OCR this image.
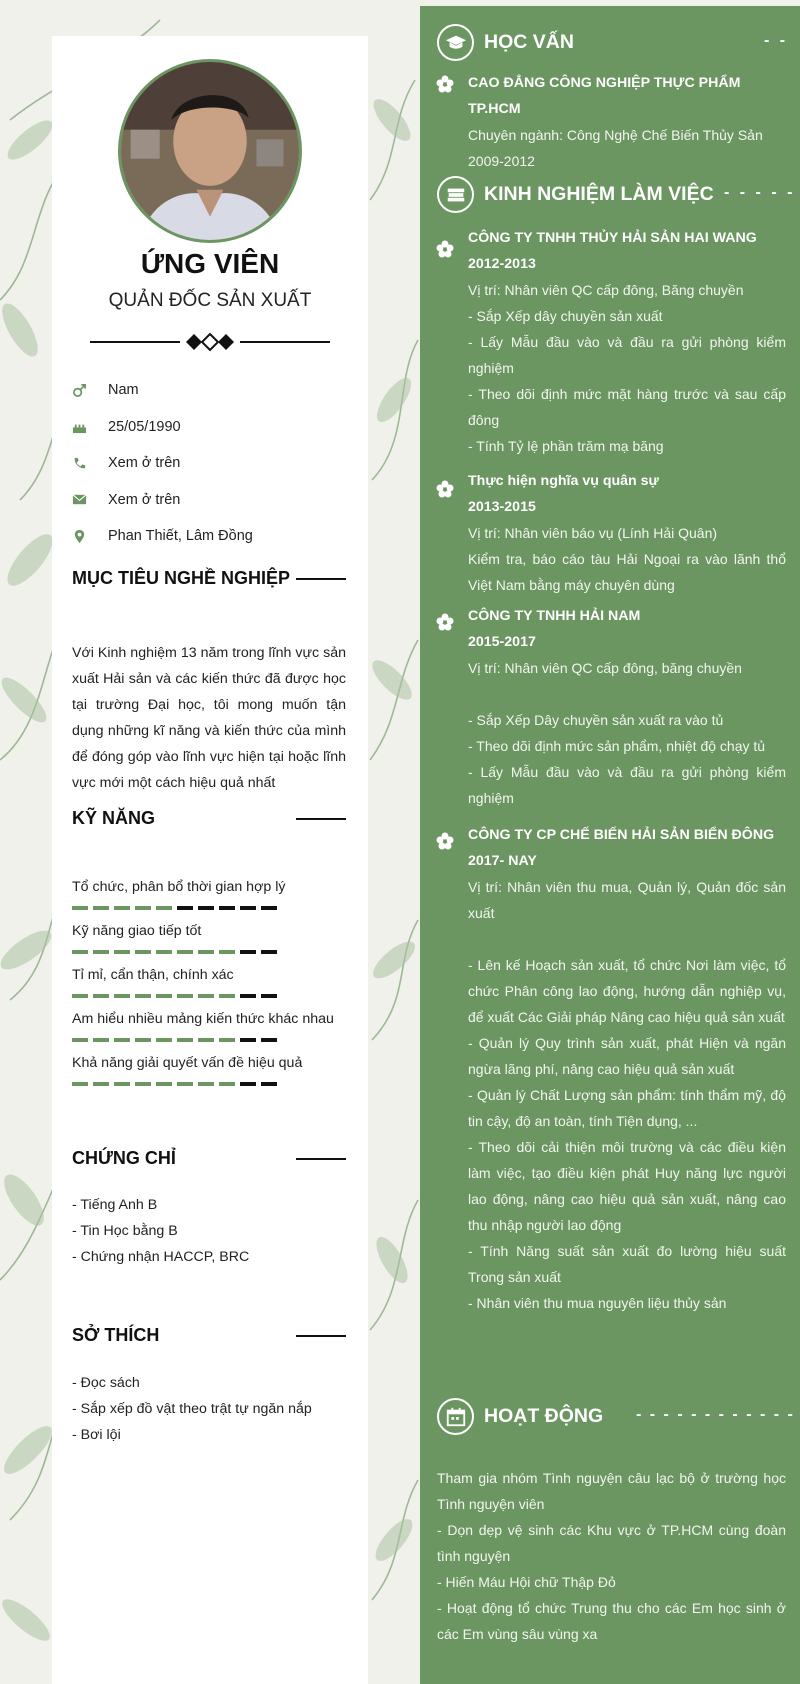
ỨNG VIÊN
QUẢN ĐỐC SẢN XUẤT
Nam
25/05/1990
Xem ở trên
Xem ở trên
Phan Thiết, Lâm Đồng
MỤC TIÊU NGHỀ NGHIỆP
Với Kinh nghiệm 13 năm trong lĩnh vực sản xuất Hải sản và các kiến thức đã được học tại trường Đại học, tôi mong muốn tận dụng những kĩ năng và kiến thức của mình để đóng góp vào lĩnh vực hiện tại hoặc lĩnh vực mới một cách hiệu quả nhất
KỸ NĂNG
Tổ chức, phân bổ thời gian hợp lý
Kỹ năng giao tiếp tốt
Tỉ mỉ, cẩn thận, chính xác
Am hiểu nhiều mảng kiến thức khác nhau
Khả năng giải quyết vấn đề hiệu quả
CHỨNG CHỈ
- Tiếng Anh B
- Tin Học bằng B
- Chứng nhận HACCP, BRC
SỞ THÍCH
- Đọc sách
- Sắp xếp đồ vật theo trật tự ngăn nắp
- Bơi lội
HỌC VẤN	- -
CAO ĐẲNG CÔNG NGHIỆP THỰC PHẨM TP.HCM
Chuyên ngành: Công Nghệ Chế Biến Thủy Sản
2009-2012
KINH NGHIỆM LÀM VIỆC - - - - -
CÔNG TY TNHH THỦY HẢI SẢN HAI WANG
2012-2013
Vị trí: Nhân viên QC cấp đông, Băng chuyền
- Sắp Xếp dây chuyền sản xuất
- Lấy Mẫu đầu vào và đầu ra gửi phòng kiểm nghiệm
- Theo dõi định mức mặt hàng trước và sau cấp đông
- Tính Tỷ lệ phần trăm mạ băng
Thực hiện nghĩa vụ quân sự
2013-2015
Vị trí: Nhân viên báo vụ (Lính Hải Quân)
Kiểm tra, báo cáo tàu Hải Ngoại ra vào lãnh thổ Việt Nam bằng máy chuyên dùng
CÔNG TY TNHH HẢI NAM
2015-2017
Vị trí: Nhân viên QC cấp đông, băng chuyền
- Sắp Xếp Dây chuyền sản xuất ra vào tủ
- Theo dõi định mức sản phẩm, nhiệt độ chạy tủ
- Lấy Mẫu đầu vào và đầu ra gửi phòng kiểm nghiệm
CÔNG TY CP CHẾ BIẾN HẢI SẢN BIỂN ĐÔNG
2017- NAY
Vị trí: Nhân viên thu mua, Quản lý, Quản đốc sản xuất
- Lên kế Hoạch sản xuất, tổ chức Nơi làm việc, tổ chức Phân công lao động, hướng dẫn nghiệp vụ, để xuất Các Giải pháp Nâng cao hiệu quả sản xuất
- Quản lý Quy trình sản xuất, phát Hiện và ngăn ngừa lãng phí, nâng cao hiệu quả sản xuất
- Quản lý Chất Lượng sản phẩm: tính thẩm mỹ, độ tin cậy, độ an toàn, tính Tiện dụng, ...
- Theo dõi cải thiện môi trường và các điều kiện làm việc, tạo điều kiện phát Huy năng lực người lao động, nâng cao hiệu quả sản xuất, nâng cao thu nhập người lao động
- Tính Năng suất sản xuất đo lường hiệu suất Trong sản xuất
- Nhân viên thu mua nguyên liệu thủy sản
HOẠT ĐỘNG - - - - - - - - - - - -
Tham gia nhóm Tình nguyện câu lạc bộ ở trường học Tình nguyện viên
- Dọn dẹp vệ sinh các Khu vực ở TP.HCM cùng đoàn tình nguyện
- Hiến Máu Hội chữ Thập Đỏ
- Hoạt động tổ chức Trung thu cho các Em học sinh ở các Em vùng sâu vùng xa
